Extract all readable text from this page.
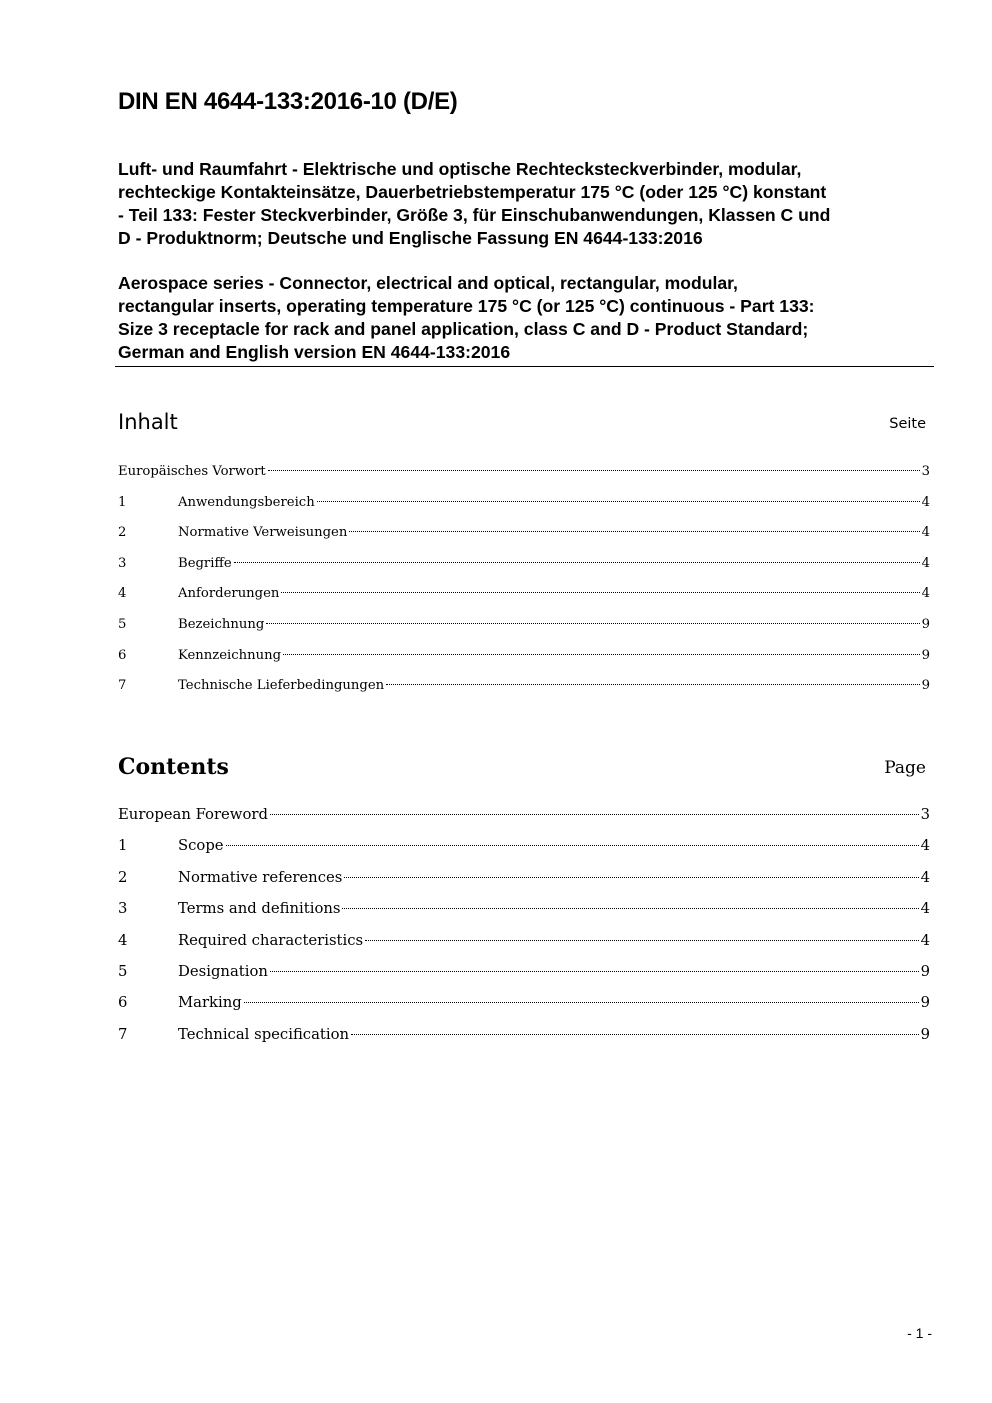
DIN EN 4644-133:2016-10 (D/E)
Luft- und Raumfahrt - Elektrische und optische Rechtecksteckverbinder, modular,
rechteckige Kontakteinsätze, Dauerbetriebstemperatur 175 °C (oder 125 °C) konstant
- Teil 133: Fester Steckverbinder, Größe 3, für Einschubanwendungen, Klassen C und
D - Produktnorm; Deutsche und Englische Fassung EN 4644-133:2016
Aerospace series - Connector, electrical and optical, rectangular, modular,
rectangular inserts, operating temperature 175 °C (or 125 °C) continuous - Part 133:
Size 3 receptacle for rack and panel application, class C and D - Product Standard;
German and English version EN 4644-133:2016
Inhalt	Seite
Europäisches Vorwort	3
1	Anwendungsbereich	4
2	Normative Verweisungen	4
3	Begriffe	4
4	Anforderungen	4
5	Bezeichnung	9
6	Kennzeichnung	9
7	Technische Lieferbedingungen	9
Contents	Page
European Foreword	3
1	Scope	4
2	Normative references	4
3	Terms and definitions	4
4	Required characteristics	4
5	Designation	9
6	Marking	9
7	Technical specification	9
- 1 -
